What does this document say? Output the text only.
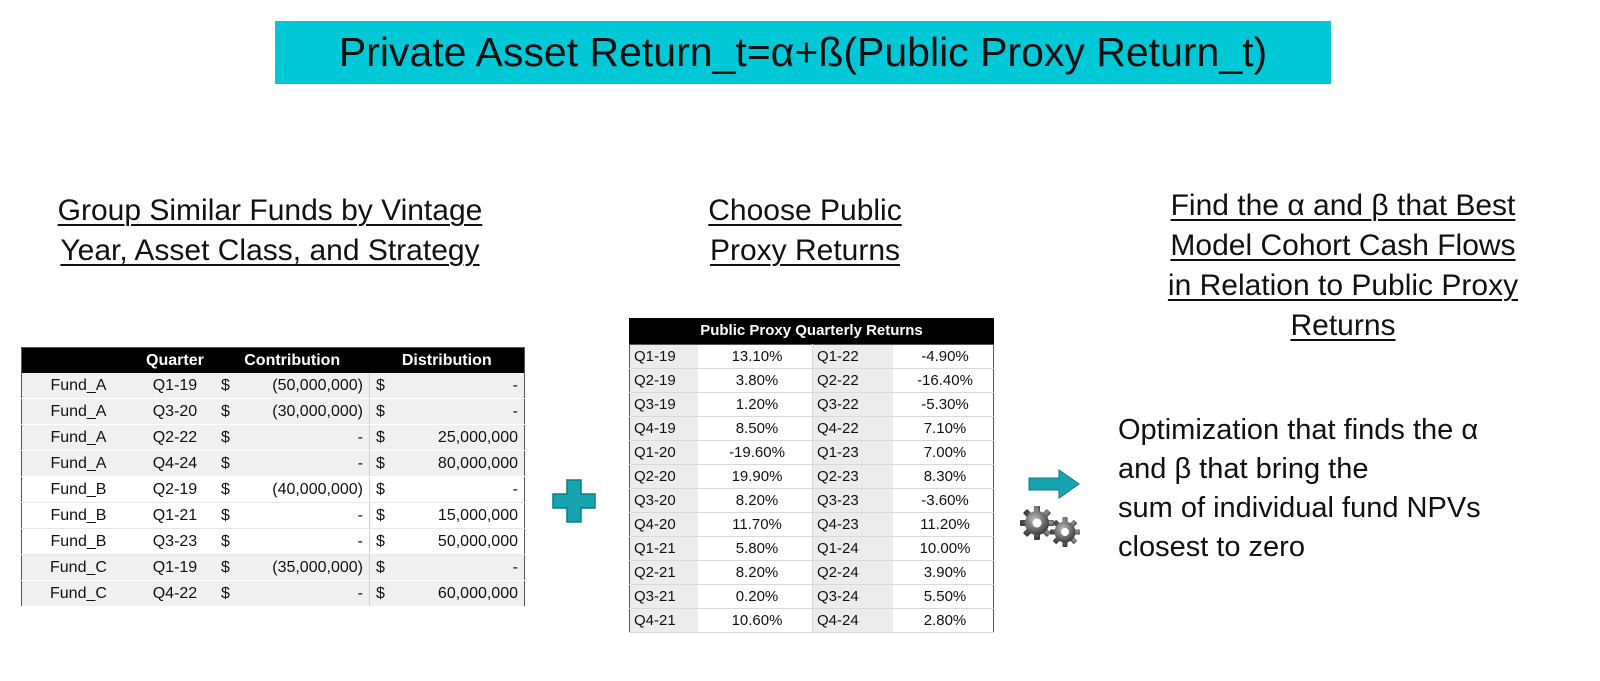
Private Asset Return_t=α+ß(Public Proxy Return_t)
Group Similar Funds by Vintage
Year, Asset Class, and Strategy
Choose Public
Proxy Returns
Find the α and β that Best
Model Cohort Cash Flows
in Relation to Public Proxy
Returns
	Quarter	Contribution		Distribution	
Fund_A	Q1-19	$	(50,000,000)	$	-
Fund_A	Q3-20	$	(30,000,000)	$	-
Fund_A	Q2-22	$	-	$	25,000,000
Fund_A	Q4-24	$	-	$	80,000,000
Fund_B	Q2-19	$	(40,000,000)	$	-
Fund_B	Q1-21	$	-	$	15,000,000
Fund_B	Q3-23	$	-	$	50,000,000
Fund_C	Q1-19	$	(35,000,000)	$	-
Fund_C	Q4-22	$	-	$	60,000,000
Public Proxy Quarterly Returns
Q1-19	13.10%	Q1-22	-4.90%
Q2-19	3.80%	Q2-22	-16.40%
Q3-19	1.20%	Q3-22	-5.30%
Q4-19	8.50%	Q4-22	7.10%
Q1-20	-19.60%	Q1-23	7.00%
Q2-20	19.90%	Q2-23	8.30%
Q3-20	8.20%	Q3-23	-3.60%
Q4-20	11.70%	Q4-23	11.20%
Q1-21	5.80%	Q1-24	10.00%
Q2-21	8.20%	Q2-24	3.90%
Q3-21	0.20%	Q3-24	5.50%
Q4-21	10.60%	Q4-24	2.80%
Optimization that finds the α
and β that bring the
sum of individual fund NPVs
closest to zero
